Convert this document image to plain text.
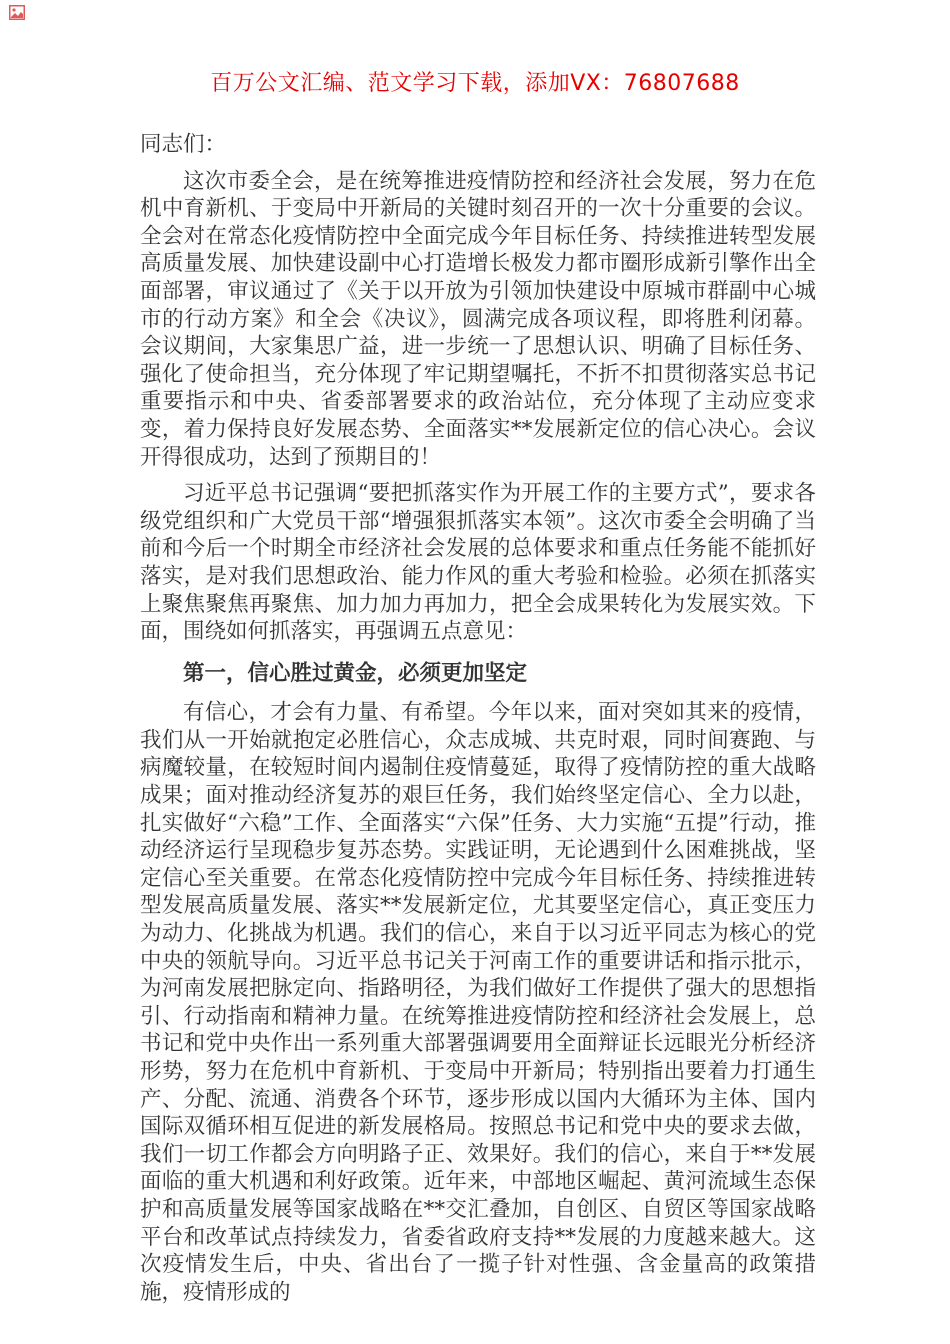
百万公文汇编、范文学习下载，添加VX：76807688

同志们：

这次市委全会，是在统筹推进疫情防控和经济社会发展，努力在危机中育新机、于变局中开新局的关键时刻召开的一次十分重要的会议。全会对在常态化疫情防控中全面完成今年目标任务、持续推进转型发展高质量发展、加快建设副中心打造增长极发力都市圈形成新引擎作出全面部署，审议通过了《关于以开放为引领加快建设中原城市群副中心城市的行动方案》和全会《决议》，圆满完成各项议程，即将胜利闭幕。会议期间，大家集思广益，进一步统一了思想认识、明确了目标任务、强化了使命担当，充分体现了牢记期望嘱托，不折不扣贯彻落实总书记重要指示和中央、省委部署要求的政治站位，充分体现了主动应变求变，着力保持良好发展态势、全面落实**发展新定位的信心决心。会议开得很成功，达到了预期目的！

习近平总书记强调“要把抓落实作为开展工作的主要方式”，要求各级党组织和广大党员干部“增强狠抓落实本领”。这次市委全会明确了当前和今后一个时期全市经济社会发展的总体要求和重点任务能不能抓好落实，是对我们思想政治、能力作风的重大考验和检验。必须在抓落实上聚焦聚焦再聚焦、加力加力再加力，把全会成果转化为发展实效。下面，围绕如何抓落实，再强调五点意见：

第一，信心胜过黄金，必须更加坚定

有信心，才会有力量、有希望。今年以来，面对突如其来的疫情，我们从一开始就抱定必胜信心，众志成城、共克时艰，同时间赛跑、与病魔较量，在较短时间内遏制住疫情蔓延，取得了疫情防控的重大战略成果；面对推动经济复苏的艰巨任务，我们始终坚定信心、全力以赴，扎实做好“六稳”工作、全面落实“六保”任务、大力实施“五提”行动，推动经济运行呈现稳步复苏态势。实践证明，无论遇到什么困难挑战，坚定信心至关重要。在常态化疫情防控中完成今年目标任务、持续推进转型发展高质量发展、落实**发展新定位，尤其要坚定信心，真正变压力为动力、化挑战为机遇。我们的信心，来自于以习近平同志为核心的党中央的领航导向。习近平总书记关于河南工作的重要讲话和指示批示，为河南发展把脉定向、指路明径，为我们做好工作提供了强大的思想指引、行动指南和精神力量。在统筹推进疫情防控和经济社会发展上，总书记和党中央作出一系列重大部署强调要用全面辩证长远眼光分析经济形势，努力在危机中育新机、于变局中开新局；特别指出要着力打通生产、分配、流通、消费各个环节，逐步形成以国内大循环为主体、国内国际双循环相互促进的新发展格局。按照总书记和党中央的要求去做，我们一切工作都会方向明路子正、效果好。我们的信心，来自于**发展面临的重大机遇和利好政策。近年来，中部地区崛起、黄河流域生态保护和高质量发展等国家战略在**交汇叠加，自创区、自贸区等国家战略平台和改革试点持续发力，省委省政府支持**发展的力度越来越大。这次疫情发生后，中央、省出台了一揽子针对性强、含金量高的政策措施，疫情形成的
